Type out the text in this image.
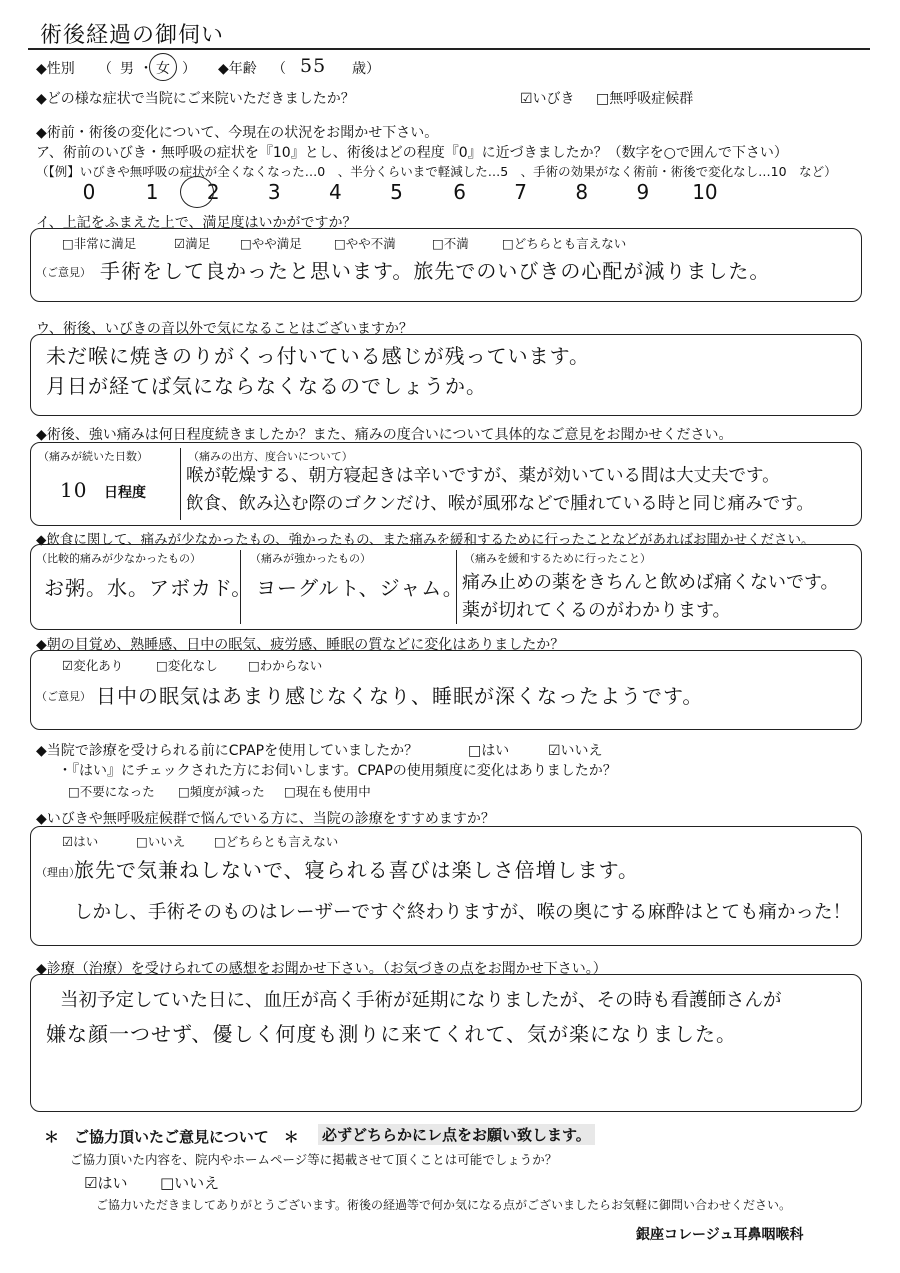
術後経過の御伺い
◆性別 （ 男 ・ 女 ） ◆年齢 （ 55 歳）
◆どの様な症状で当院にご来院いただきましたか？	☑いびき □無呼吸症候群
◆術前・術後の変化について、今現在の状況をお聞かせ下さい。
ア、術前のいびき・無呼吸の症状を『10』とし、術後はどの程度『0』に近づきましたか？（数字を○で囲んで下さい）
（【例】いびきや無呼吸の症状が全くなくなった…0　、半分くらいまで軽減した…5　、手術の効果がなく術前・術後で変化なし…10　など）
0	1 2 3 4 5	6 7 8 9 10
イ、上記をふまえた上で、満足度はいかがですか？
□非常に満足	☑満足 □やや満足	□やや不満	□不満	□どちらとも言えない
（ご意見） 手術をして良かったと思います。旅先でのいびきの心配が減りました。
ウ、術後、いびきの音以外で気になることはございますか？
未だ喉に焼きのりがくっ付いている感じが残っています。
月日が経てば気にならなくなるのでしょうか。
◆術後、強い痛みは何日程度続きましたか？また、痛みの度合いについて具体的なご意見をお聞かせください。
（痛みが続いた日数）
10 日程度
（痛みの出方、度合いについて）
喉が乾燥する、朝方寝起きは辛いですが、薬が効いている間は大丈夫です。
飲食、飲み込む際のゴクンだけ、喉が風邪などで腫れている時と同じ痛みです。
◆飲食に関して、痛みが少なかったもの、強かったもの、また痛みを緩和するために行ったことなどがあればお聞かせください。
（比較的痛みが少なかったもの）
お粥。水。アボカド。
（痛みが強かったもの）
ヨーグルト、ジャム。
（痛みを緩和するために行ったこと）
痛み止めの薬をきちんと飲めば痛くないです。
薬が切れてくるのがわかります。
◆朝の目覚め、熟睡感、日中の眠気、疲労感、睡眠の質などに変化はありましたか？
☑変化あり	□変化なし □わからない
（ご意見） 日中の眠気はあまり感じなくなり、睡眠が深くなったようです。
◆当院で診療を受けられる前にCPAPを使用していましたか？	□はい	☑いいえ
・『はい』にチェックされた方にお伺いします。CPAPの使用頻度に変化はありましたか？
□不要になった □頻度が減った □現在も使用中
◆いびきや無呼吸症候群で悩んでいる方に、当院の診療をすすめますか？
☑はい	□いいえ □どちらとも言えない
（理由）
旅先で気兼ねしないで、寝られる喜びは楽しさ倍増します。
しかし、手術そのものはレーザーですぐ終わりますが、喉の奥にする麻酔はとても痛かった！
◆診療（治療）を受けられての感想をお聞かせ下さい。（お気づきの点をお聞かせ下さい。）
当初予定していた日に、血圧が高く手術が延期になりましたが、その時も看護師さんが
嫌な顔一つせず、優しく何度も測りに来てくれて、気が楽になりました。
＊　ご協力頂いたご意見について　＊ 必ずどちらかにレ点をお願い致します。
ご協力頂いた内容を、院内やホームページ等に掲載させて頂くことは可能でしょうか？
☑はい □いいえ
ご協力いただきましてありがとうございます。術後の経過等で何か気になる点がございましたらお気軽に御問い合わせください。
銀座コレージュ耳鼻咽喉科
